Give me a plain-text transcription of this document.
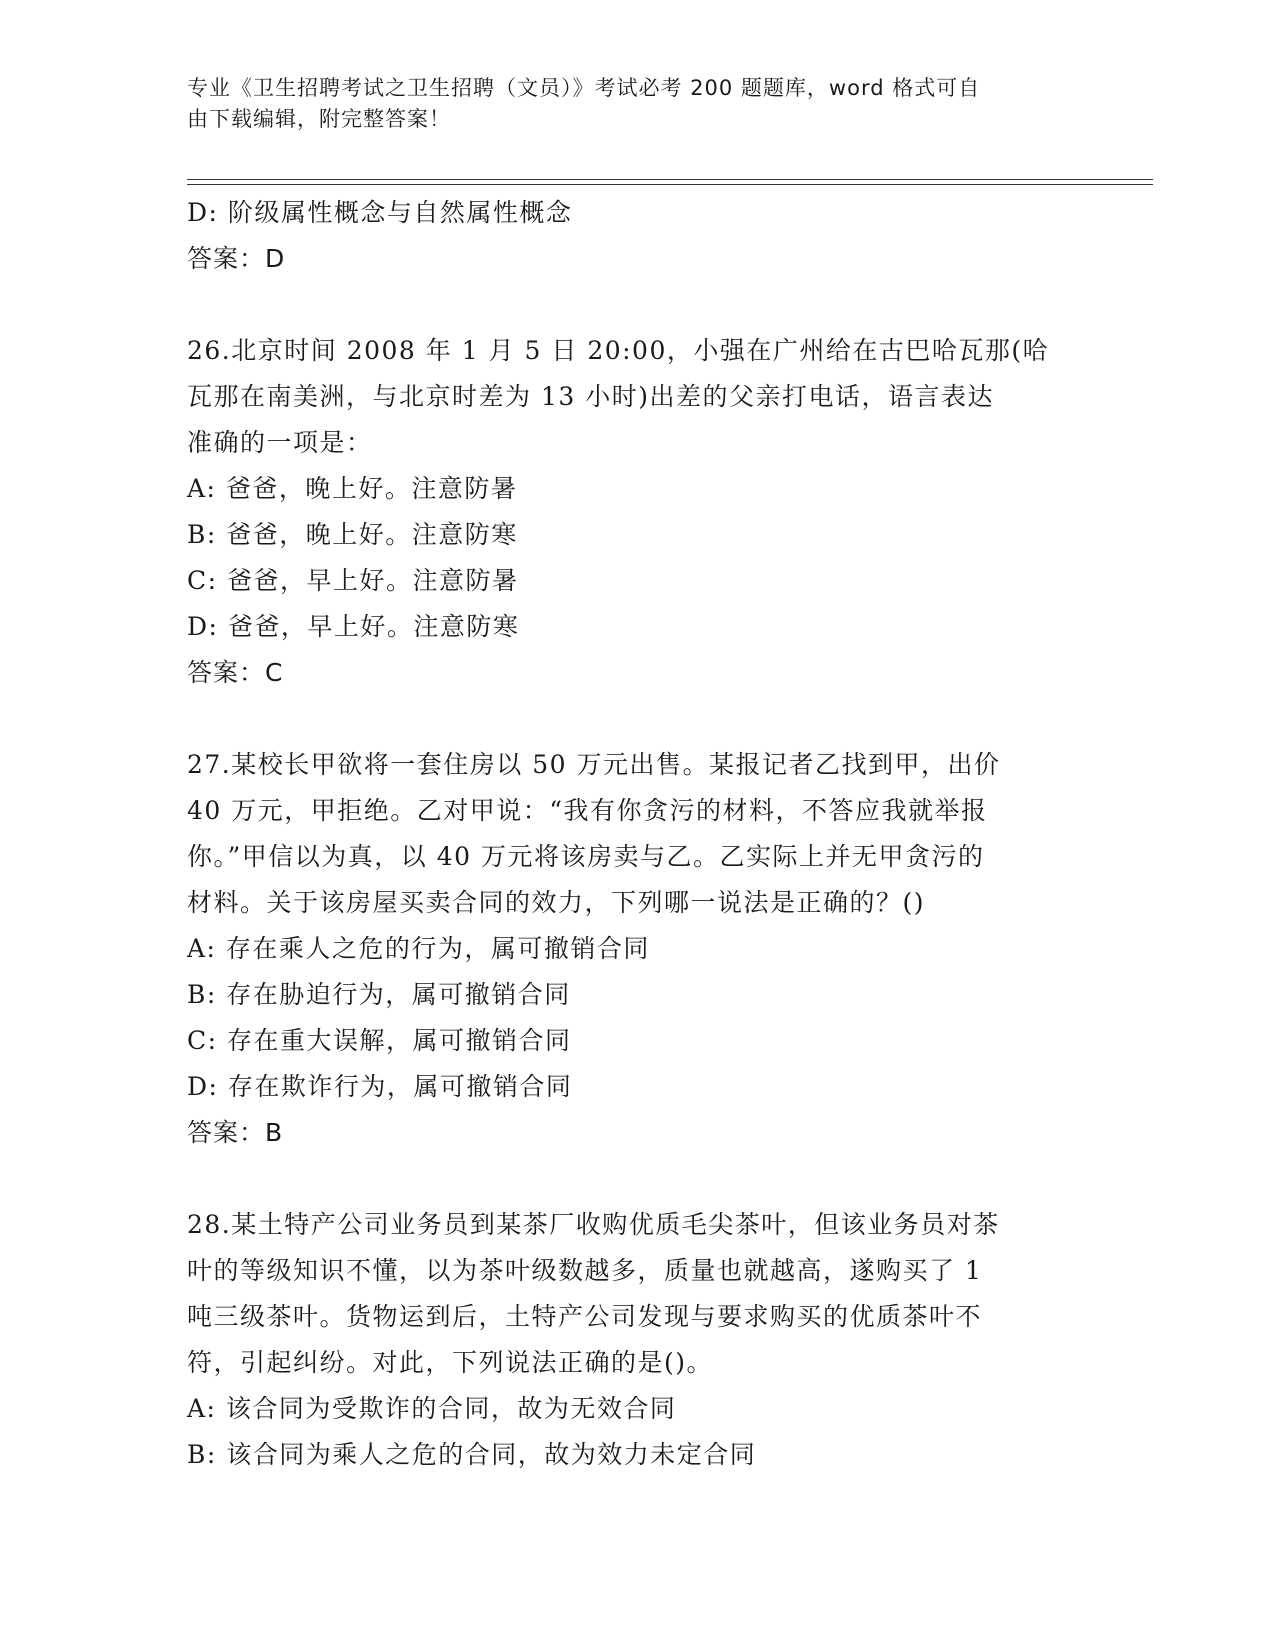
专业《卫生招聘考试之卫生招聘（文员）》考试必考 200 题题库，word 格式可自
由下载编辑，附完整答案！
D: 阶级属性概念与自然属性概念
答案：D
26.北京时间 2008 年 1 月 5 日 20:00，小强在广州给在古巴哈瓦那(哈
瓦那在南美洲，与北京时差为 13 小时)出差的父亲打电话，语言表达
准确的一项是：
A: 爸爸，晚上好。注意防暑
B: 爸爸，晚上好。注意防寒
C: 爸爸，早上好。注意防暑
D: 爸爸，早上好。注意防寒
答案：C
27.某校长甲欲将一套住房以 50 万元出售。某报记者乙找到甲，出价
40 万元，甲拒绝。乙对甲说：“我有你贪污的材料，不答应我就举报
你。”甲信以为真，以 40 万元将该房卖与乙。乙实际上并无甲贪污的
材料。关于该房屋买卖合同的效力，下列哪一说法是正确的？()
A: 存在乘人之危的行为，属可撤销合同
B: 存在胁迫行为，属可撤销合同
C: 存在重大误解，属可撤销合同
D: 存在欺诈行为，属可撤销合同
答案：B
28.某土特产公司业务员到某茶厂收购优质毛尖茶叶，但该业务员对茶
叶的等级知识不懂，以为茶叶级数越多，质量也就越高，遂购买了 1
吨三级茶叶。货物运到后，土特产公司发现与要求购买的优质茶叶不
符，引起纠纷。对此，下列说法正确的是()。
A: 该合同为受欺诈的合同，故为无效合同
B: 该合同为乘人之危的合同，故为效力未定合同
